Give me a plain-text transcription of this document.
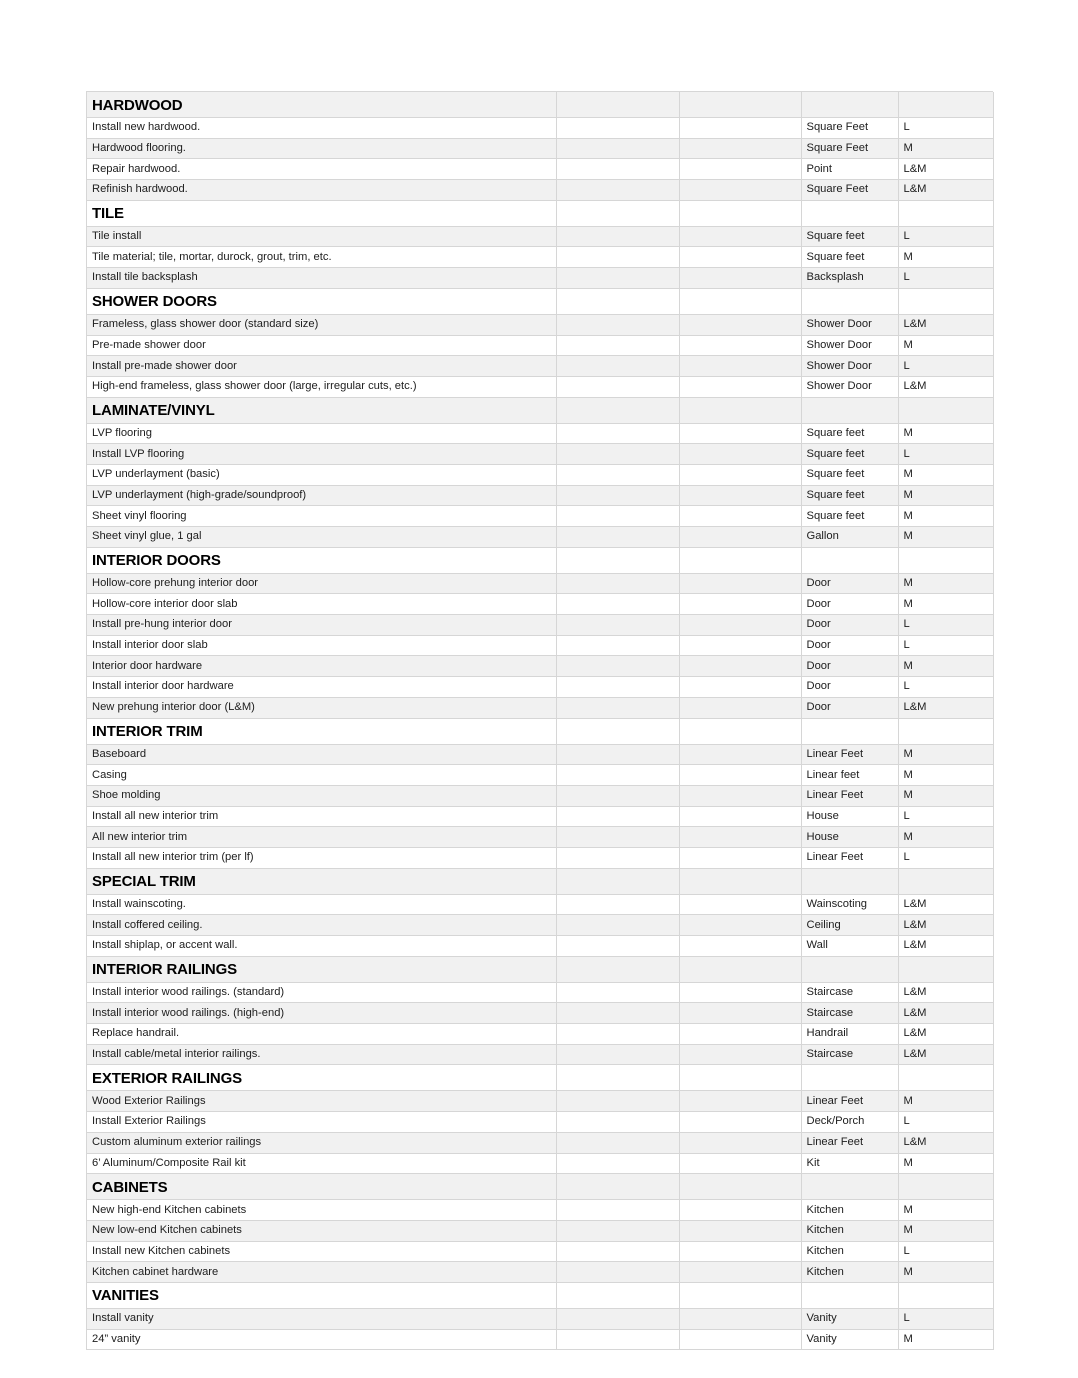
HARDWOOD				
Install new hardwood.			Square Feet	L
Hardwood flooring.			Square Feet	M
Repair hardwood.			Point	L&M
Refinish hardwood.			Square Feet	L&M
TILE				
Tile install			Square feet	L
Tile material; tile, mortar, durock, grout, trim, etc.			Square feet	M
Install tile backsplash			Backsplash	L
SHOWER DOORS				
Frameless, glass shower door (standard size)			Shower Door	L&M
Pre-made shower door			Shower Door	M
Install pre-made shower door			Shower Door	L
High-end frameless, glass shower door (large, irregular cuts, etc.)			Shower Door	L&M
LAMINATE/VINYL				
LVP flooring			Square feet	M
Install LVP flooring			Square feet	L
LVP underlayment (basic)			Square feet	M
LVP underlayment (high-grade/soundproof)			Square feet	M
Sheet vinyl flooring			Square feet	M
Sheet vinyl glue, 1 gal			Gallon	M
INTERIOR DOORS				
Hollow-core prehung interior door			Door	M
Hollow-core interior door slab			Door	M
Install pre-hung interior door			Door	L
Install interior door slab			Door	L
Interior door hardware			Door	M
Install interior door hardware			Door	L
New prehung interior door (L&M)			Door	L&M
INTERIOR TRIM				
Baseboard			Linear Feet	M
Casing			Linear feet	M
Shoe molding			Linear Feet	M
Install all new interior trim			House	L
All new interior trim			House	M
Install all new interior trim (per lf)			Linear Feet	L
SPECIAL TRIM				
Install wainscoting.			Wainscoting	L&M
Install coffered ceiling.			Ceiling	L&M
Install shiplap, or accent wall.			Wall	L&M
INTERIOR RAILINGS				
Install interior wood railings. (standard)			Staircase	L&M
Install interior wood railings. (high-end)			Staircase	L&M
Replace handrail.			Handrail	L&M
Install cable/metal interior railings.			Staircase	L&M
EXTERIOR RAILINGS				
Wood Exterior Railings			Linear Feet	M
Install Exterior Railings			Deck/Porch	L
Custom aluminum exterior railings			Linear Feet	L&M
6’ Aluminum/Composite Rail kit			Kit	M
CABINETS				
New high-end Kitchen cabinets			Kitchen	M
New low-end Kitchen cabinets			Kitchen	M
Install new Kitchen cabinets			Kitchen	L
Kitchen cabinet hardware			Kitchen	M
VANITIES				
Install vanity			Vanity	L
24” vanity			Vanity	M
